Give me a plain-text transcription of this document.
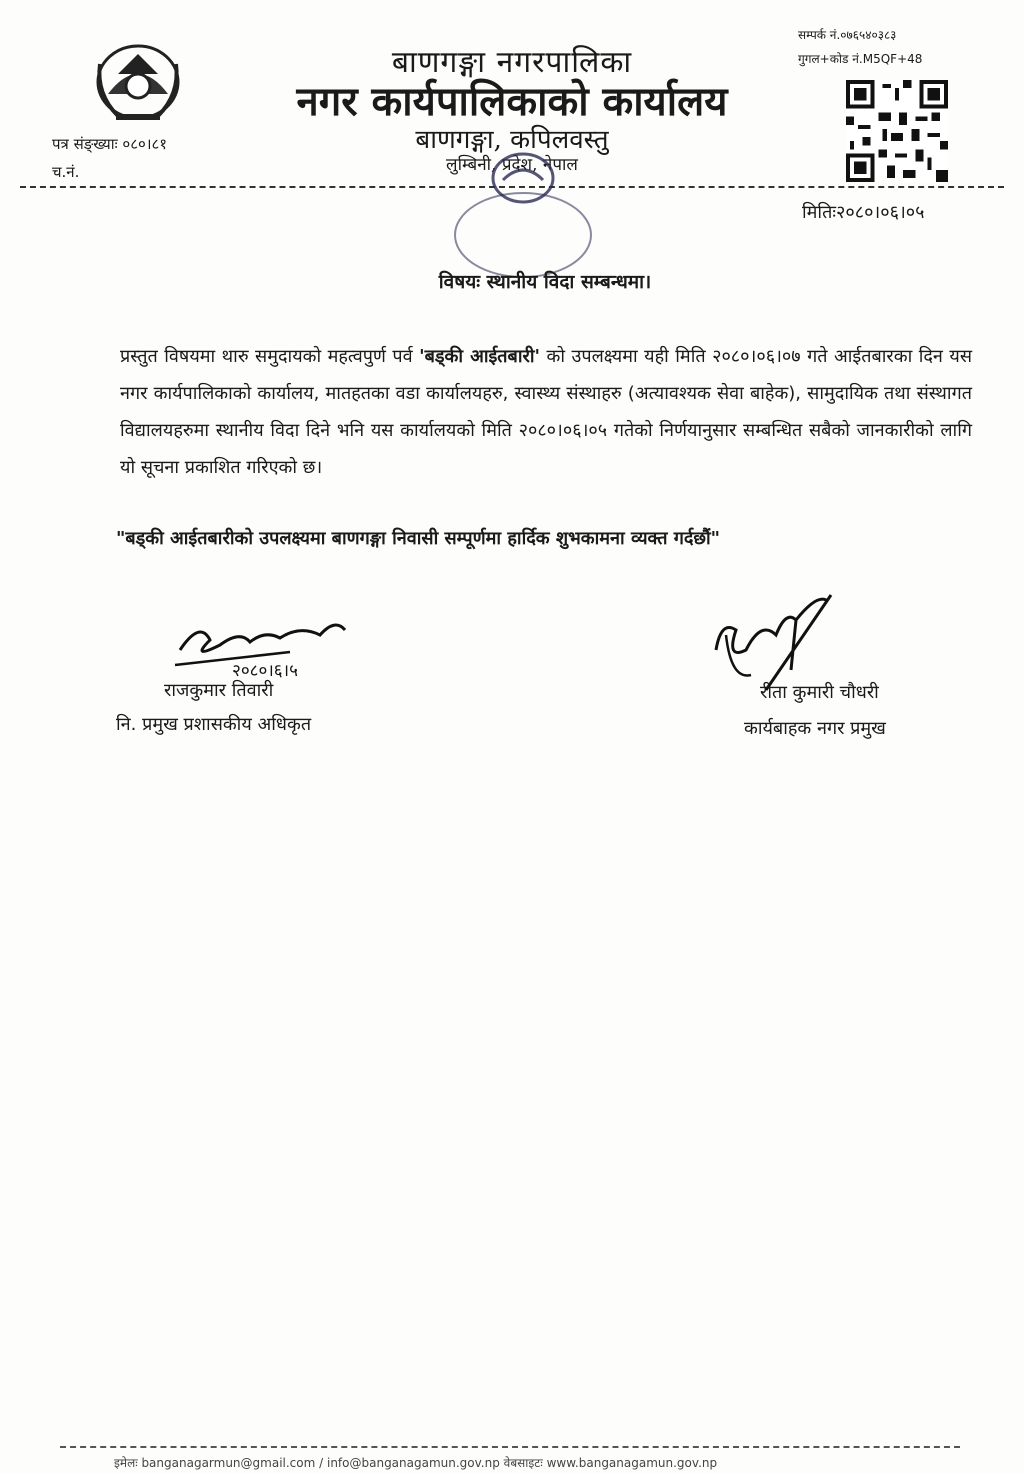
बाणगङ्गा नगरपालिका
नगर कार्यपालिकाको कार्यालय
बाणगङ्गा, कपिलवस्तु
लुम्बिनी, प्रदेश, नेपाल
सम्पर्क नं.०७६५४०३८३
गुगल+कोड नं.M5QF+48
पत्र संङ्ख्याः ०८०।८१
च.नं.
मितिः२०८०।०६।०५
विषयः स्थानीय विदा सम्बन्धमा।
प्रस्तुत विषयमा थारु समुदायको महत्वपुर्ण पर्व 'बड्की आईतबारी' को उपलक्ष्यमा यही मिति २०८०।०६।०७ गते आईतबारका दिन यस नगर कार्यपालिकाको कार्यालय, मातहतका वडा कार्यालयहरु, स्वास्थ्य संस्थाहरु (अत्यावश्यक सेवा बाहेक), सामुदायिक तथा संस्थागत विद्यालयहरुमा स्थानीय विदा दिने भनि यस कार्यालयको मिति २०८०।०६।०५ गतेको निर्णयानुसार सम्बन्धित सबैको जानकारीको लागि यो सूचना प्रकाशित गरिएको छ।
"बड्की आईतबारीको उपलक्ष्यमा बाणगङ्गा निवासी सम्पूर्णमा हार्दिक शुभकामना व्यक्त गर्दछौं"
२०८०।६।५
राजकुमार तिवारी
नि. प्रमुख प्रशासकीय अधिकृत
रीता कुमारी चौधरी
कार्यबाहक नगर प्रमुख
इमेलः banganagarmun@gmail.com / info@banganagamun.gov.np वेबसाइटः www.banganagamun.gov.np
